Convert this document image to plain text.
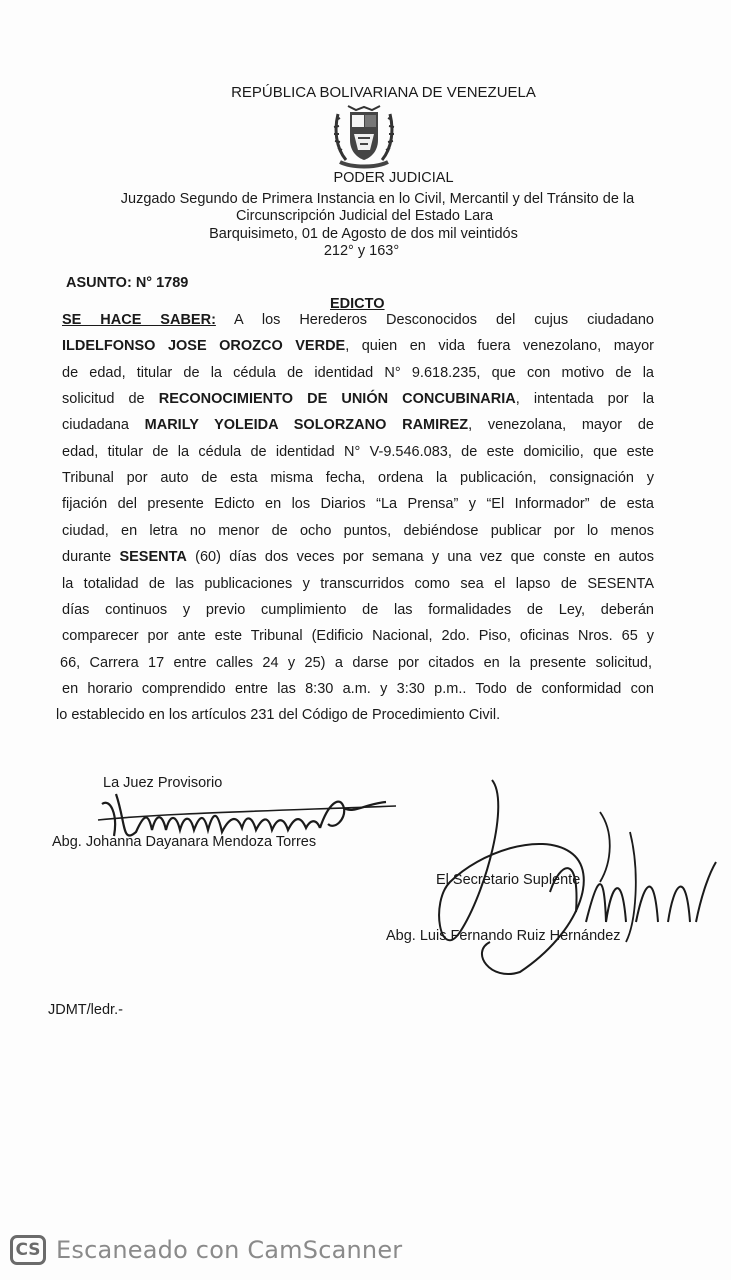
REPÚBLICA BOLIVARIANA DE VENEZUELA
PODER JUDICIAL
Juzgado Segundo de Primera Instancia en lo Civil, Mercantil y del Tránsito de la
Circunscripción Judicial del Estado Lara
Barquisimeto, 01 de Agosto de dos mil veintidós
212° y 163°
ASUNTO: N° 1789
EDICTO
SE HACE SABER: A los Herederos Desconocidos del cujus ciudadano
ILDELFONSO JOSE OROZCO VERDE, quien en vida fuera venezolano, mayor
de edad, titular de la cédula de identidad N° 9.618.235, que con motivo de la
solicitud de RECONOCIMIENTO DE UNIÓN CONCUBINARIA, intentada por la
ciudadana MARILY YOLEIDA SOLORZANO RAMIREZ, venezolana, mayor de
edad, titular de la cédula de identidad N° V-9.546.083, de este domicilio, que este
Tribunal por auto de esta misma fecha, ordena la publicación, consignación y
fijación del presente Edicto en los Diarios “La Prensa” y “El Informador” de esta
ciudad, en letra no menor de ocho puntos, debiéndose publicar por lo menos
durante SESENTA (60) días dos veces por semana y una vez que conste en autos
la totalidad de las publicaciones y transcurridos como sea el lapso de SESENTA
días continuos y previo cumplimiento de las formalidades de Ley, deberán
comparecer por ante este Tribunal (Edificio Nacional, 2do. Piso, oficinas Nros. 65 y
66, Carrera 17 entre calles 24 y 25) a darse por citados en la presente solicitud,
en horario comprendido entre las 8:30 a.m. y 3:30 p.m.. Todo de conformidad con
lo establecido en los artículos 231 del Código de Procedimiento Civil.
La Juez Provisorio
Abg. Johanna Dayanara Mendoza Torres
El Secretario Suplente
Abg. Luis Fernando Ruiz Hernández
JDMT/ledr.-
CS Escaneado con CamScanner
